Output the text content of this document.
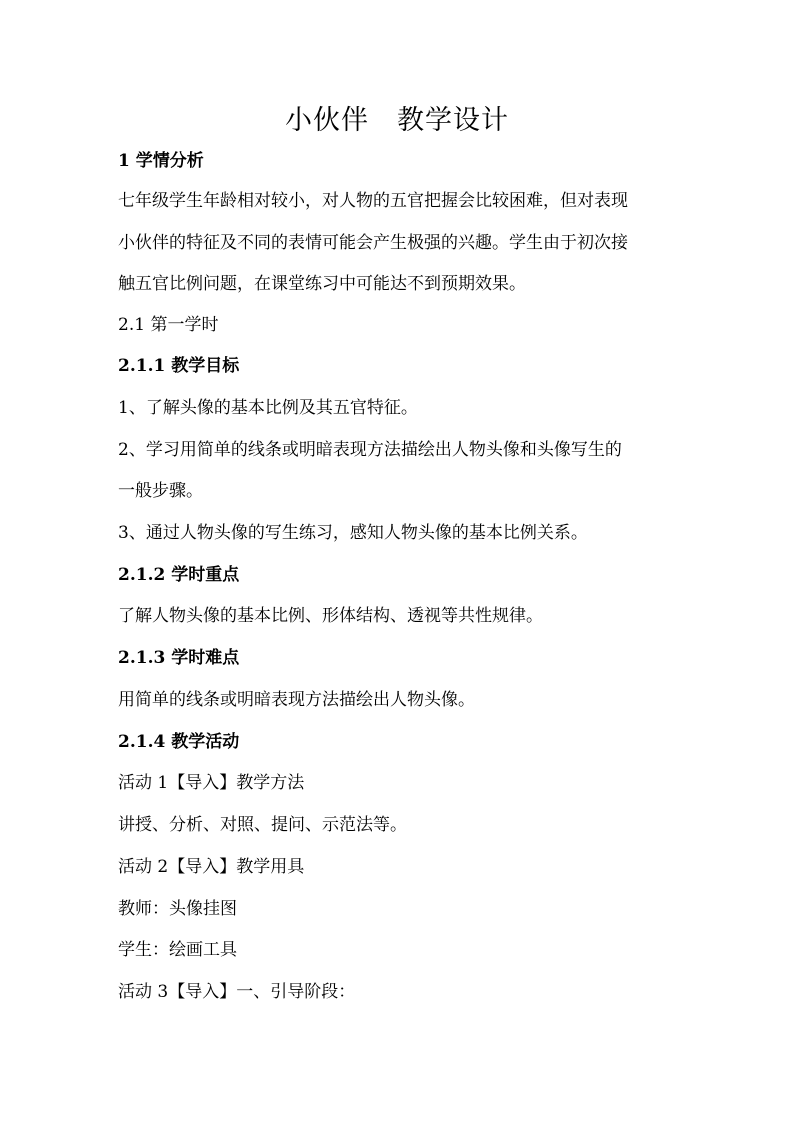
小伙伴　教学设计
1 学情分析
七年级学生年龄相对较小，对人物的五官把握会比较困难，但对表现
小伙伴的特征及不同的表情可能会产生极强的兴趣。学生由于初次接
触五官比例问题，在课堂练习中可能达不到预期效果。
2.1 第一学时
2.1.1 教学目标
1、了解头像的基本比例及其五官特征。
2、学习用简单的线条或明暗表现方法描绘出人物头像和头像写生的
一般步骤。
3、通过人物头像的写生练习，感知人物头像的基本比例关系。
2.1.2 学时重点
了解人物头像的基本比例、形体结构、透视等共性规律。
2.1.3 学时难点
用简单的线条或明暗表现方法描绘出人物头像。
2.1.4 教学活动
活动 1【导入】教学方法
讲授、分析、对照、提问、示范法等。
活动 2【导入】教学用具
教师：头像挂图
学生：绘画工具
活动 3【导入】一、引导阶段：
